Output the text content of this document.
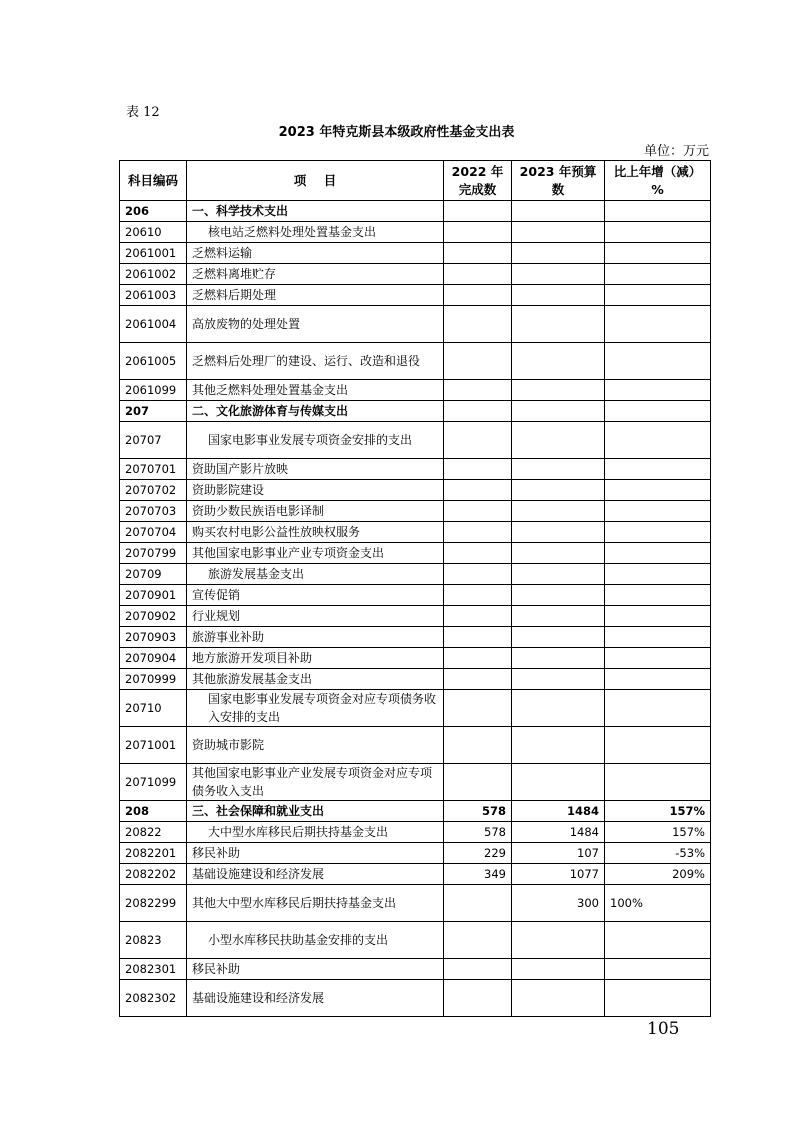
表 12
2023 年特克斯县本级政府性基金支出表
单位：万元
科目编码	项    目	2022 年完成数	2023 年预算数	比上年增（减）%
206	一、科学技术支出			
20610	核电站乏燃料处理处置基金支出			
2061001	乏燃料运输			
2061002	乏燃料离堆贮存			
2061003	乏燃料后期处理			
2061004	高放废物的处理处置			
2061005	乏燃料后处理厂的建设、运行、改造和退役			
2061099	其他乏燃料处理处置基金支出			
207	二、文化旅游体育与传媒支出			
20707	国家电影事业发展专项资金安排的支出			
2070701	资助国产影片放映			
2070702	资助影院建设			
2070703	资助少数民族语电影译制			
2070704	购买农村电影公益性放映权服务			
2070799	其他国家电影事业产业专项资金支出			
20709	旅游发展基金支出			
2070901	宣传促销			
2070902	行业规划			
2070903	旅游事业补助			
2070904	地方旅游开发项目补助			
2070999	其他旅游发展基金支出			
20710	国家电影事业发展专项资金对应专项债务收入安排的支出			
2071001	资助城市影院			
2071099	其他国家电影事业产业发展专项资金对应专项债务收入支出			
208	三、社会保障和就业支出	578	1484	157%
20822	大中型水库移民后期扶持基金支出	578	1484	157%
2082201	移民补助	229	107	-53%
2082202	基础设施建设和经济发展	349	1077	209%
2082299	其他大中型水库移民后期扶持基金支出		300	100%
20823	小型水库移民扶助基金安排的支出			
2082301	移民补助			
2082302	基础设施建设和经济发展			
105
